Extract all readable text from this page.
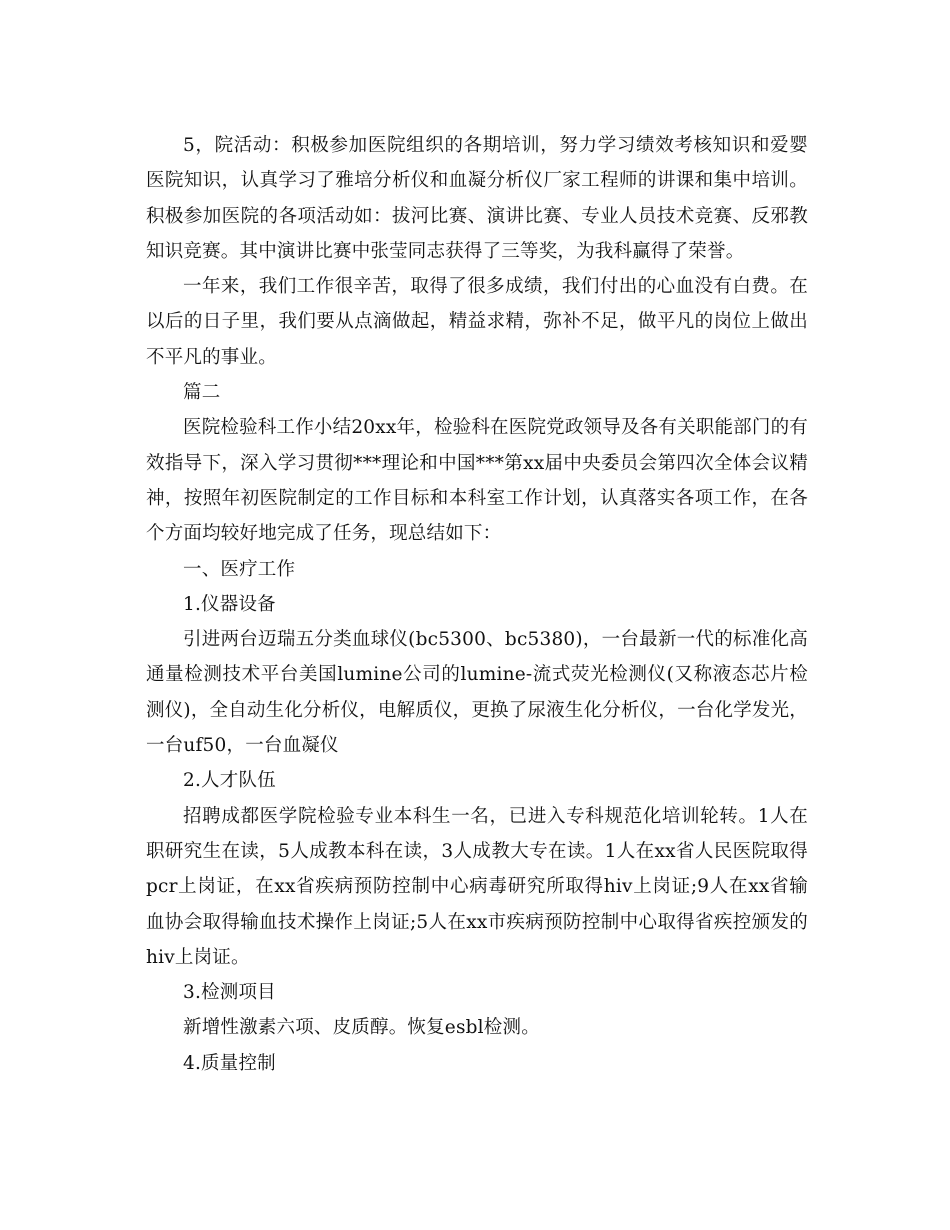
5，院活动：积极参加医院组织的各期培训，努力学习绩效考核知识和爱婴医院知识，认真学习了雅培分析仪和血凝分析仪厂家工程师的讲课和集中培训。积极参加医院的各项活动如：拔河比赛、演讲比赛、专业人员技术竞赛、反邪教知识竞赛。其中演讲比赛中张莹同志获得了三等奖，为我科赢得了荣誉。

一年来，我们工作很辛苦，取得了很多成绩，我们付出的心血没有白费。在以后的日子里，我们要从点滴做起，精益求精，弥补不足，做平凡的岗位上做出不平凡的事业。

篇二

医院检验科工作小结20xx年，检验科在医院党政领导及各有关职能部门的有效指导下，深入学习贯彻***理论和中国***第xx届中央委员会第四次全体会议精神，按照年初医院制定的工作目标和本科室工作计划，认真落实各项工作，在各个方面均较好地完成了任务，现总结如下：

一、医疗工作

1.仪器设备

引进两台迈瑞五分类血球仪(bc5300、bc5380)，一台最新一代的标准化高通量检测技术平台美国lumine公司的lumine-流式荧光检测仪(又称液态芯片检测仪)，全自动生化分析仪，电解质仪，更换了尿液生化分析仪，一台化学发光，一台uf50，一台血凝仪

2.人才队伍

招聘成都医学院检验专业本科生一名，已进入专科规范化培训轮转。1人在职研究生在读，5人成教本科在读，3人成教大专在读。1人在xx省人民医院取得pcr上岗证，在xx省疾病预防控制中心病毒研究所取得hiv上岗证;9人在xx省输血协会取得输血技术操作上岗证;5人在xx市疾病预防控制中心取得省疾控颁发的hiv上岗证。

3.检测项目

新增性激素六项、皮质醇。恢复esbl检测。

4.质量控制
